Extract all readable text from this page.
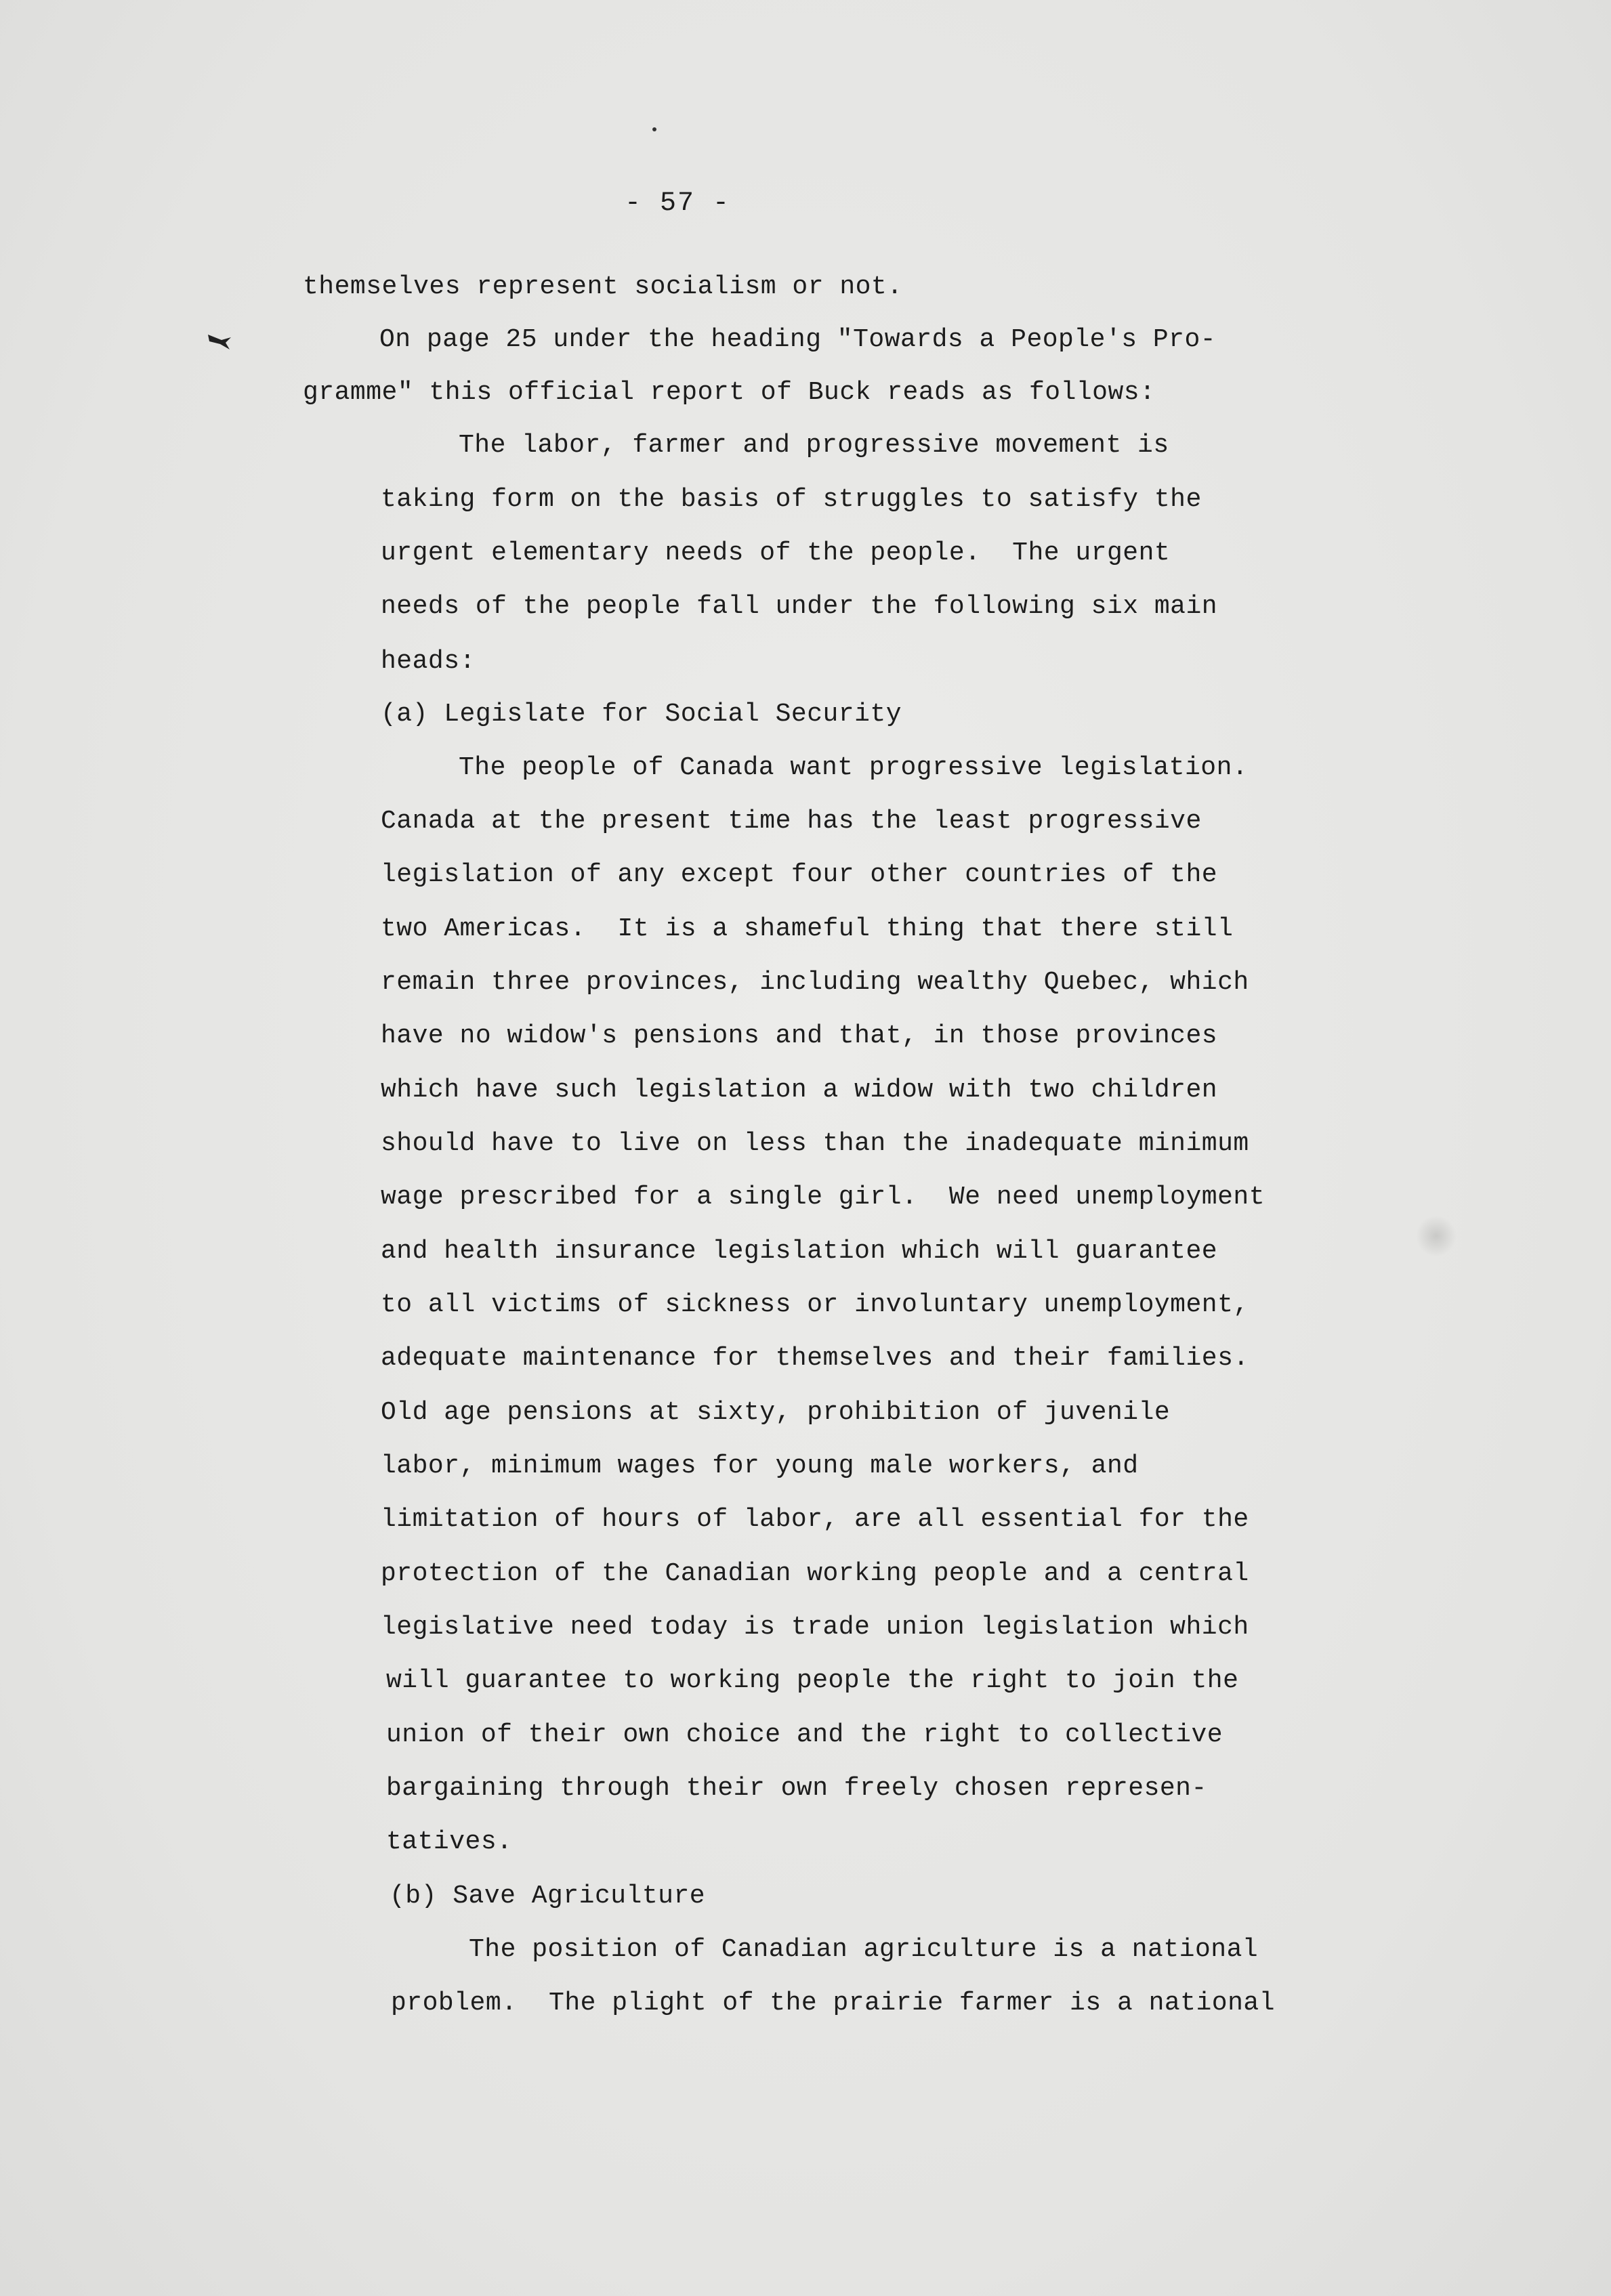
- 57 -
themselves represent socialism or not.
On page 25 under the heading "Towards a People's Pro-
gramme" this official report of Buck reads as follows:
The labor, farmer and progressive movement is
taking form on the basis of struggles to satisfy the
urgent elementary needs of the people.  The urgent
needs of the people fall under the following six main
heads:
(a) Legislate for Social Security
The people of Canada want progressive legislation.
Canada at the present time has the least progressive
legislation of any except four other countries of the
two Americas.  It is a shameful thing that there still
remain three provinces, including wealthy Quebec, which
have no widow's pensions and that, in those provinces
which have such legislation a widow with two children
should have to live on less than the inadequate minimum
wage prescribed for a single girl.  We need unemployment
and health insurance legislation which will guarantee
to all victims of sickness or involuntary unemployment,
adequate maintenance for themselves and their families.
Old age pensions at sixty, prohibition of juvenile
labor, minimum wages for young male workers, and
limitation of hours of labor, are all essential for the
protection of the Canadian working people and a central
legislative need today is trade union legislation which
will guarantee to working people the right to join the
union of their own choice and the right to collective
bargaining through their own freely chosen represen-
tatives.
(b) Save Agriculture
The position of Canadian agriculture is a national
problem.  The plight of the prairie farmer is a national
